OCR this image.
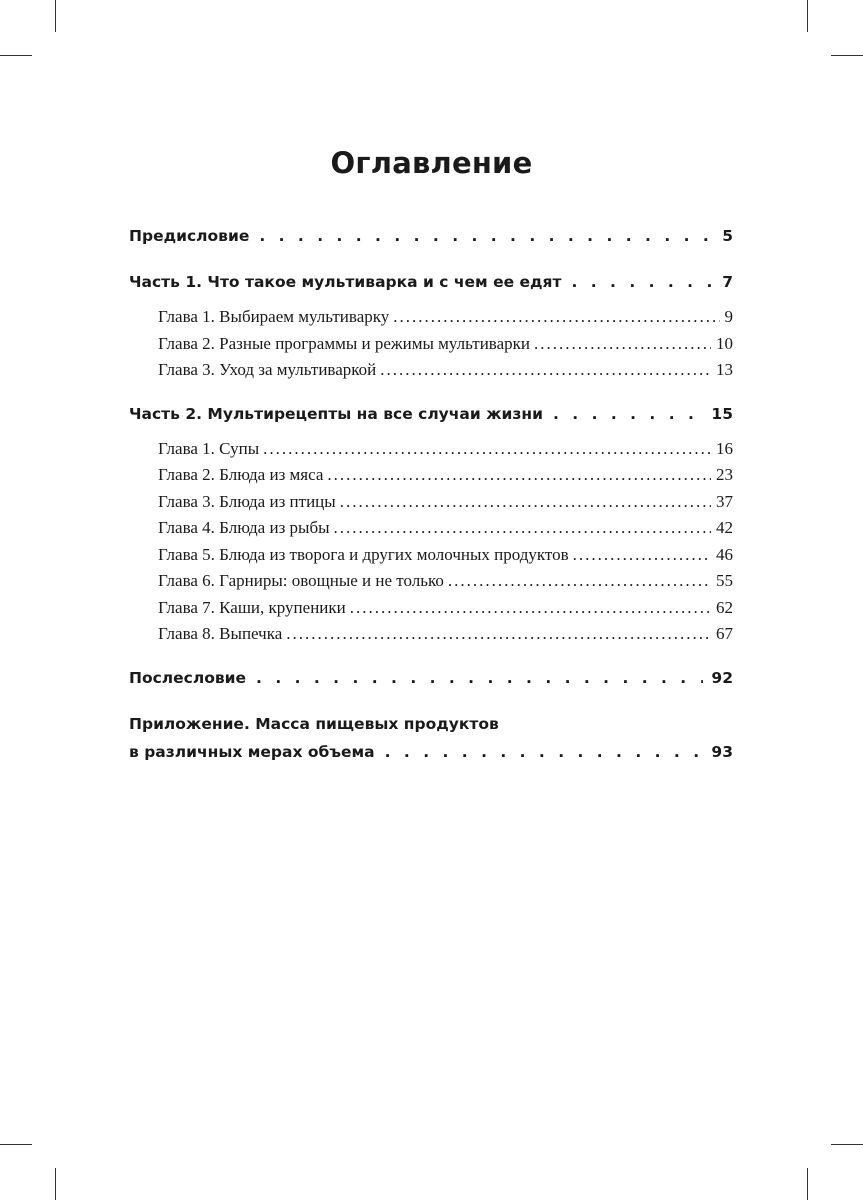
Оглавление
Предисловие . . .	5
Часть 1. Что такое мультиварка и с чем ее едят . . .	7
Глава 1. Выбираем мультиварку .....	9
Глава 2. Разные программы и режимы мультиварки .....	10
Глава 3. Уход за мультиваркой .....	13
Часть 2. Мультирецепты на все случаи жизни . . .	15
Глава 1. Супы .....	16
Глава 2. Блюда из мяса .....	23
Глава 3. Блюда из птицы .....	37
Глава 4. Блюда из рыбы .....	42
Глава 5. Блюда из творога и других молочных продуктов .....	46
Глава 6. Гарниры: овощные и не только .....	55
Глава 7. Каши, крупеники .....	62
Глава 8. Выпечка .....	67
Послесловие . . .	92
Приложение. Масса пищевых продуктов
в различных мерах объема . . .	93
